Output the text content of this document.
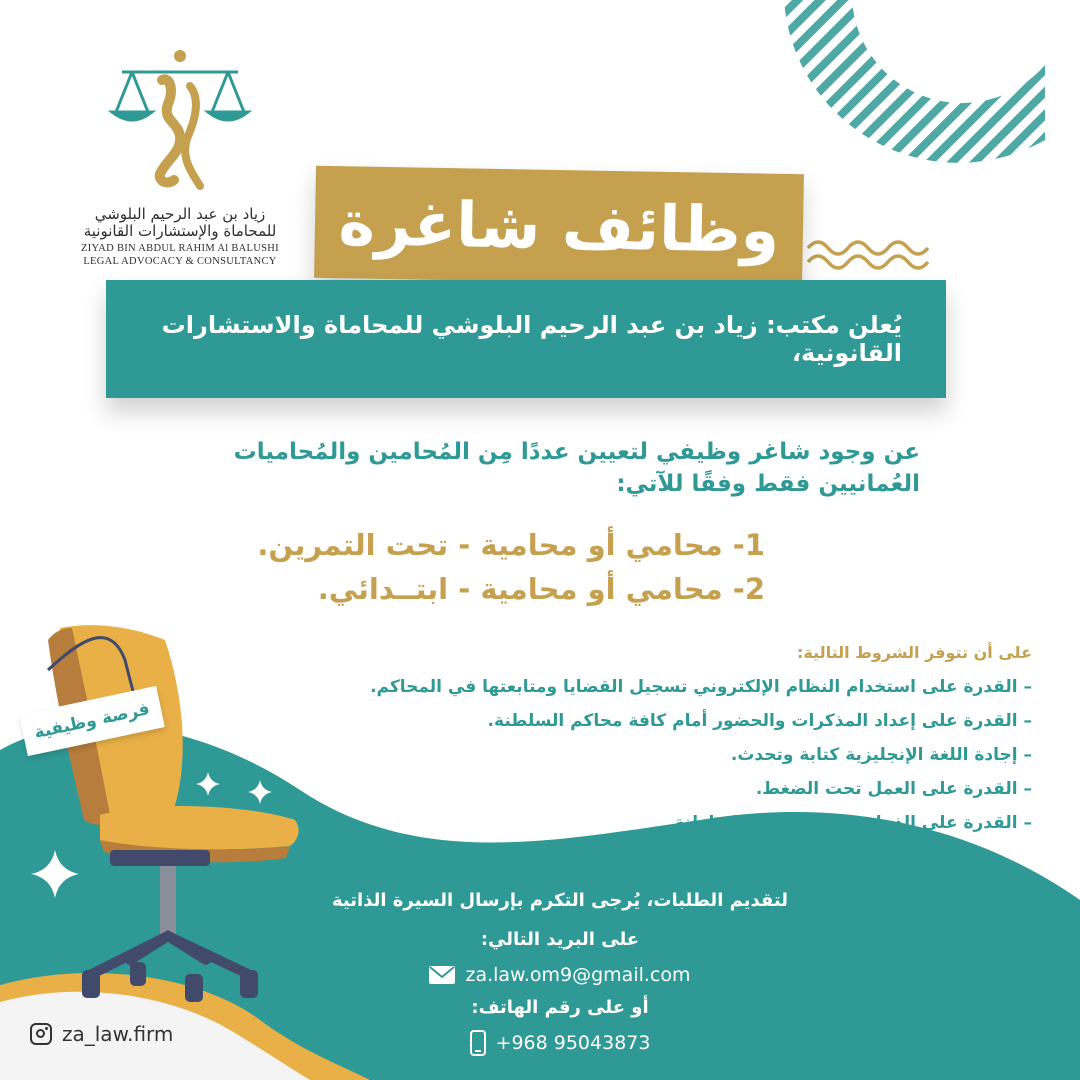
زياد بن عبد الرحيم البلوشي
للمحاماة والإستشارات القانونية
ZIYAD BIN ABDUL RAHIM Al BALUSHI
LEGAL ADVOCACY & CONSULTANCY وظائف شاغرة
يُعلن مكتب: زياد بن عبد الرحيم البلوشي للمحاماة والاستشارات القانونية،
عن وجود شاغر وظيفي لتعيين عددًا مِن المُحامين والمُحاميات
العُمانيين فقط وفقًا للآتي:
1- محامي أو محامية - تحت التمرين.
2- محامي أو محامية - ابتــدائي.
على أن تتوفر الشروط التالية:
– القدرة على استخدام النظام الإلكتروني تسجيل القضايا ومتابعتها في المحاكم.
– القدرة على إعداد المذكرات والحضور أمام كافة محاكم السلطنة.
– إجادة اللغة الإنجليزية كتابة وتحدث.
– القدرة على العمل تحت الضغط.
– القدرة على الذهاب لكافة محاكم السلطنة.
فرصة وظيفية
لتقديم الطلبات، يُرجى التكرم بإرسال السيرة الذاتية
على البريد التالي:
za.law.om9@gmail.com
أو على رقم الهاتف:
+968 95043873
za_law.firm
